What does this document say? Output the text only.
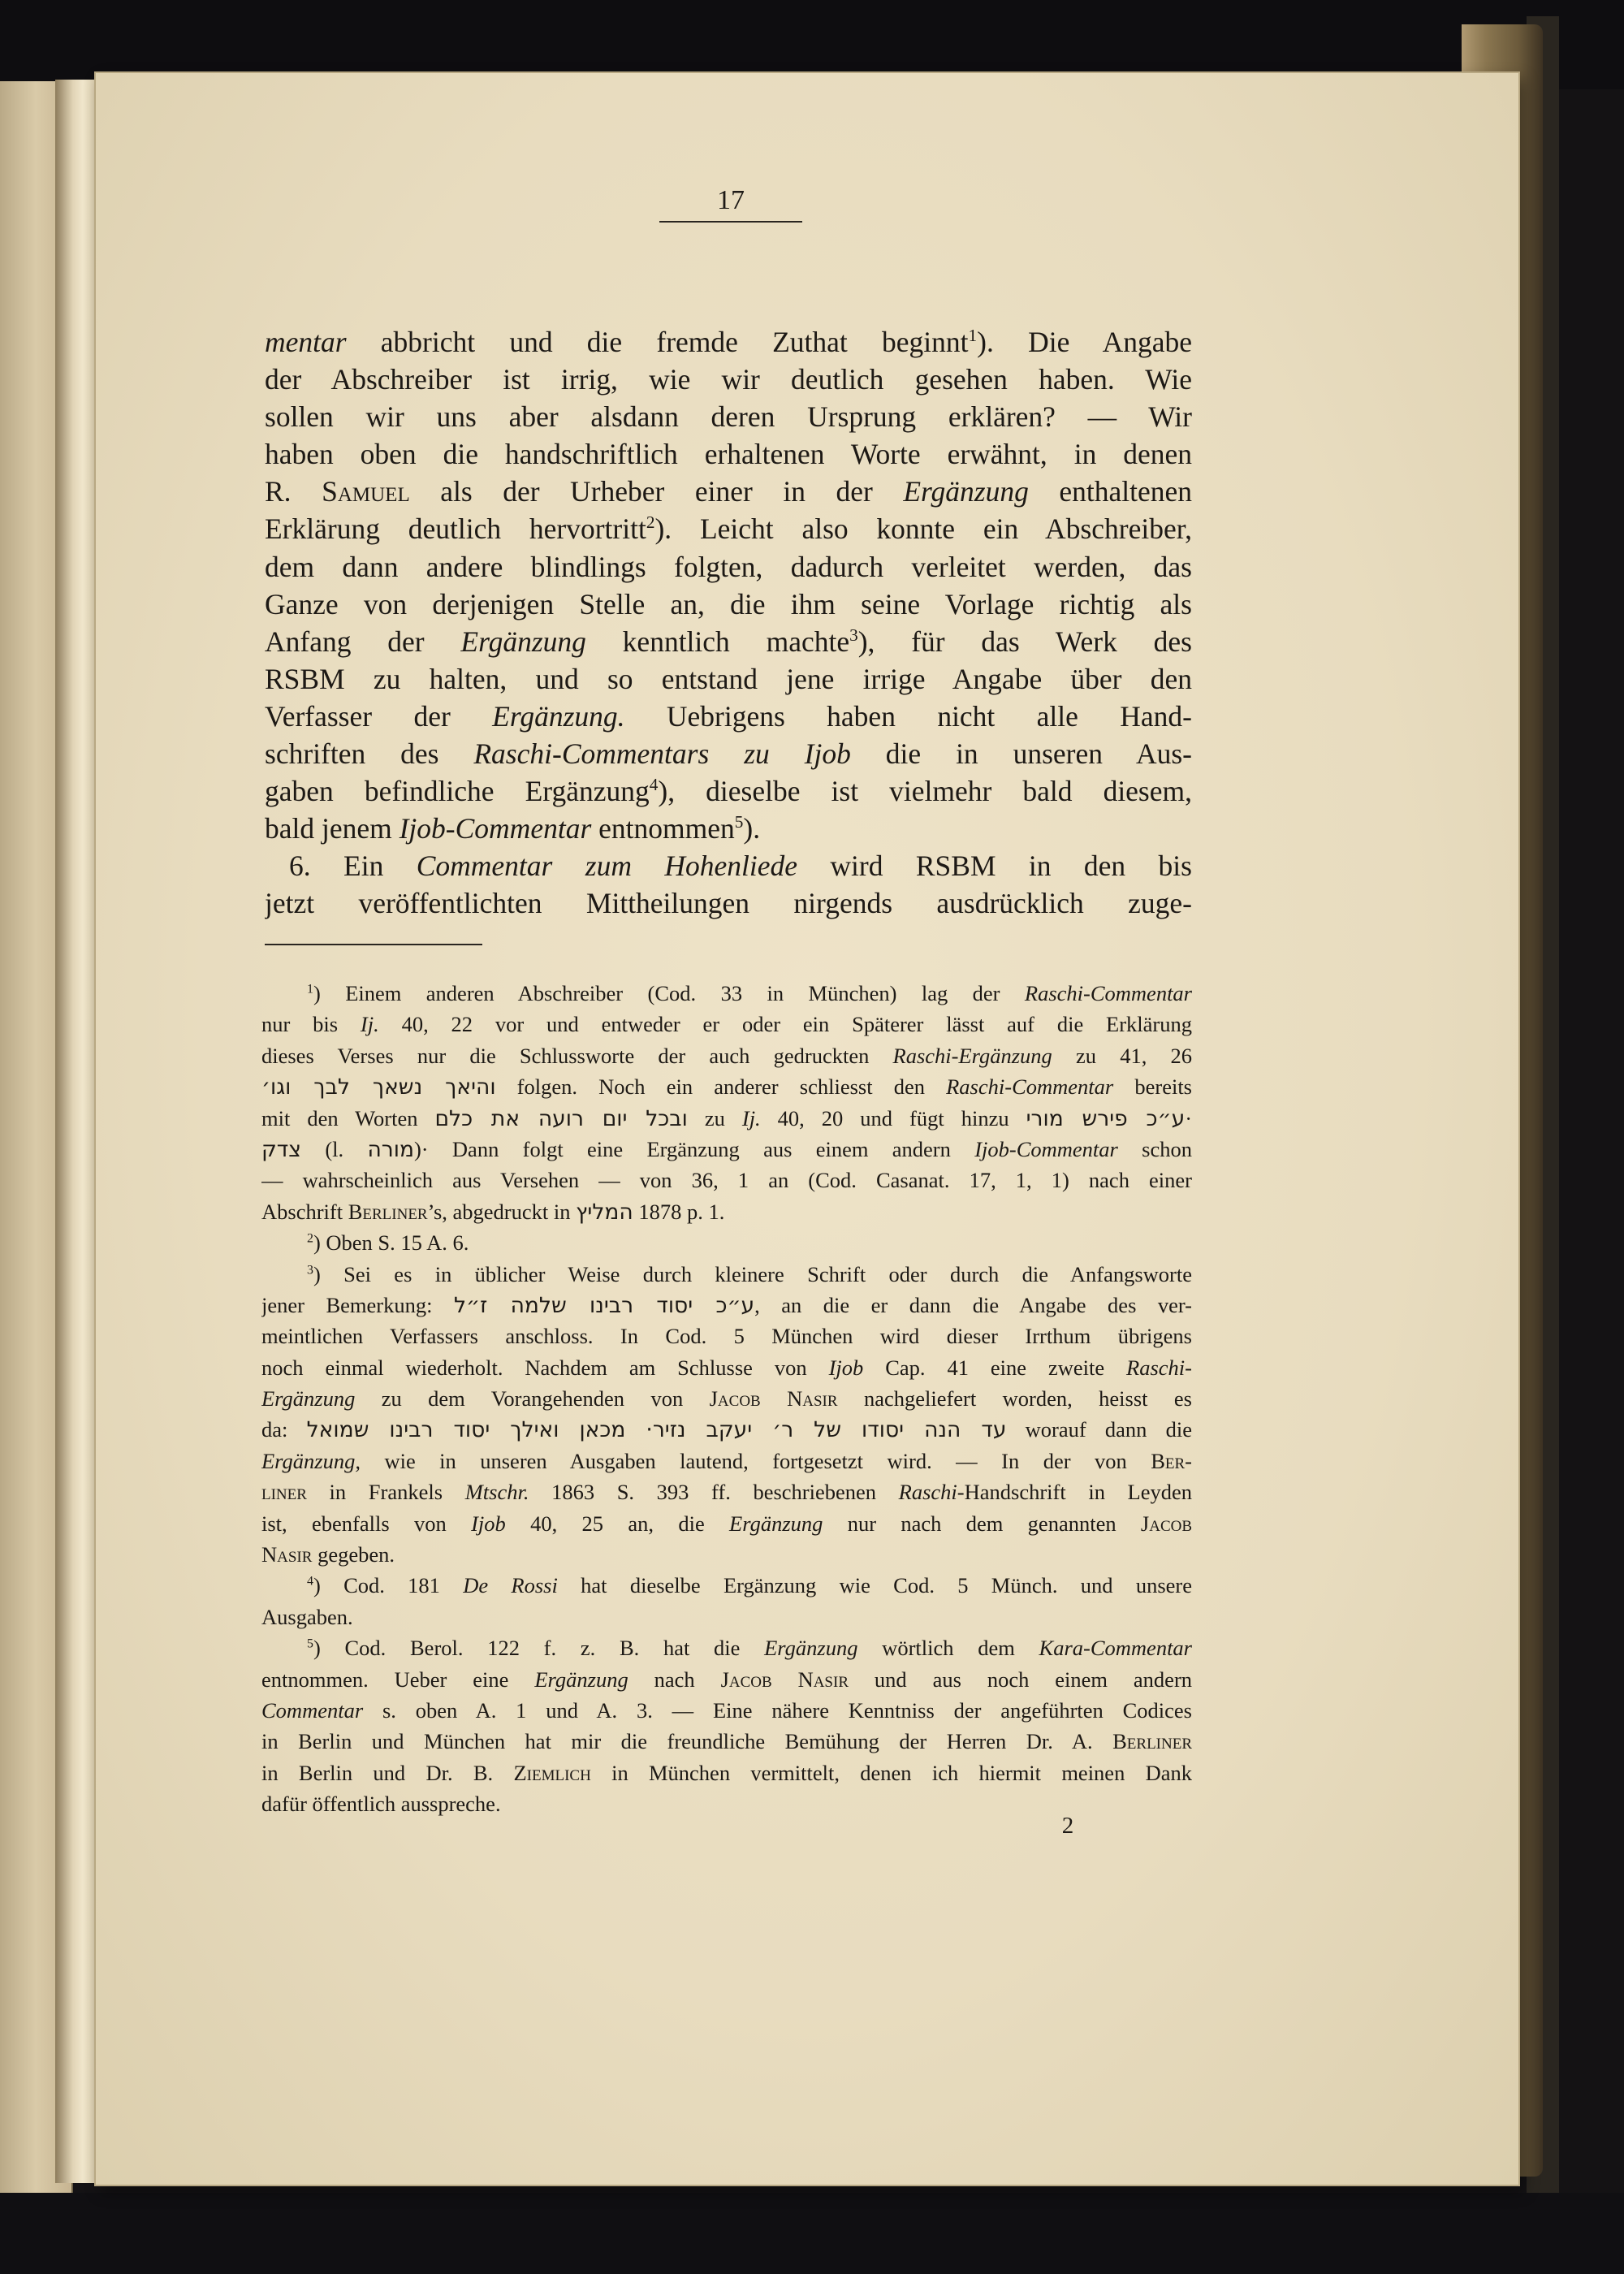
17
mentar abbricht und die fremde Zuthat beginnt$^1$). Die Angabe
der Abschreiber ist irrig, wie wir deutlich gesehen haben. Wie
sollen wir uns aber alsdann deren Ursprung erklären? — Wir
haben oben die handschriftlich erhaltenen Worte erwähnt, in denen
R. Samuel als der Urheber einer in der Ergänzung enthaltenen
Erklärung deutlich hervortritt$^2$). Leicht also konnte ein Abschreiber,
dem dann andere blindlings folgten, dadurch verleitet werden, das
Ganze von derjenigen Stelle an, die ihm seine Vorlage richtig als
Anfang der Ergänzung kenntlich machte$^3$), für das Werk des
RSBM zu halten, und so entstand jene irrige Angabe über den
Verfasser der Ergänzung. Uebrigens haben nicht alle Hand-
schriften des Raschi-Commentars zu Ijob die in unseren Aus-
gaben befindliche Ergänzung$^4$), dieselbe ist vielmehr bald diesem,
bald jenem Ijob-Commentar entnommen$^5$).
6. Ein Commentar zum Hohenliede wird RSBM in den bis
jetzt veröffentlichten Mittheilungen nirgends ausdrücklich zuge-
$^1$) Einem anderen Abschreiber (Cod. 33 in München) lag der Raschi-Commentar
nur bis Ij. 40, 22 vor und entweder er oder ein Späterer lässt auf die Erklärung
dieses Verses nur die Schlussworte der auch gedruckten Raschi-Ergänzung zu 41, 26
והיאך נשאך לבך וגו׳ folgen. Noch ein anderer schliesst den Raschi-Commentar bereits
mit den Worten ובכל יום רועה את כלם zu Ij. 40, 20 und fügt hinzu ע״כ פירש מורי·
צדק (l. מורה)· Dann folgt eine Ergänzung aus einem andern Ijob-Commentar schon
— wahrscheinlich aus Versehen — von 36, 1 an (Cod. Casanat. 17, 1, 1) nach einer
Abschrift Berliner’s, abgedruckt in המליץ 1878 p. 1.
$^2$) Oben S. 15 A. 6.
$^3$) Sei es in üblicher Weise durch kleinere Schrift oder durch die Anfangsworte
jener Bemerkung: ע״כ יסוד רבינו שלמה ז״ל, an die er dann die Angabe des ver-
meintlichen Verfassers anschloss. In Cod. 5 München wird dieser Irrthum übrigens
noch einmal wiederholt. Nachdem am Schlusse von Ijob Cap. 41 eine zweite Raschi-
Ergänzung zu dem Vorangehenden von Jacob Nasir nachgeliefert worden, heisst es
da: עד הנה יסודו של ר׳ יעקב נזיר· מכאן ואילך יסוד רבינו שמואל worauf dann die
Ergänzung, wie in unseren Ausgaben lautend, fortgesetzt wird. — In der von Ber-
liner in Frankels Mtschr. 1863 S. 393 ff. beschriebenen Raschi-Handschrift in Leyden
ist, ebenfalls von Ijob 40, 25 an, die Ergänzung nur nach dem genannten Jacob
Nasir gegeben.
$^4$) Cod. 181 De Rossi hat dieselbe Ergänzung wie Cod. 5 Münch. und unsere
Ausgaben.
$^5$) Cod. Berol. 122 f. z. B. hat die Ergänzung wörtlich dem Kara-Commentar
entnommen. Ueber eine Ergänzung nach Jacob Nasir und aus noch einem andern
Commentar s. oben A. 1 und A. 3. — Eine nähere Kenntniss der angeführten Codices
in Berlin und München hat mir die freundliche Bemühung der Herren Dr. A. Berliner
in Berlin und Dr. B. Ziemlich in München vermittelt, denen ich hiermit meinen Dank
dafür öffentlich ausspreche.
2
